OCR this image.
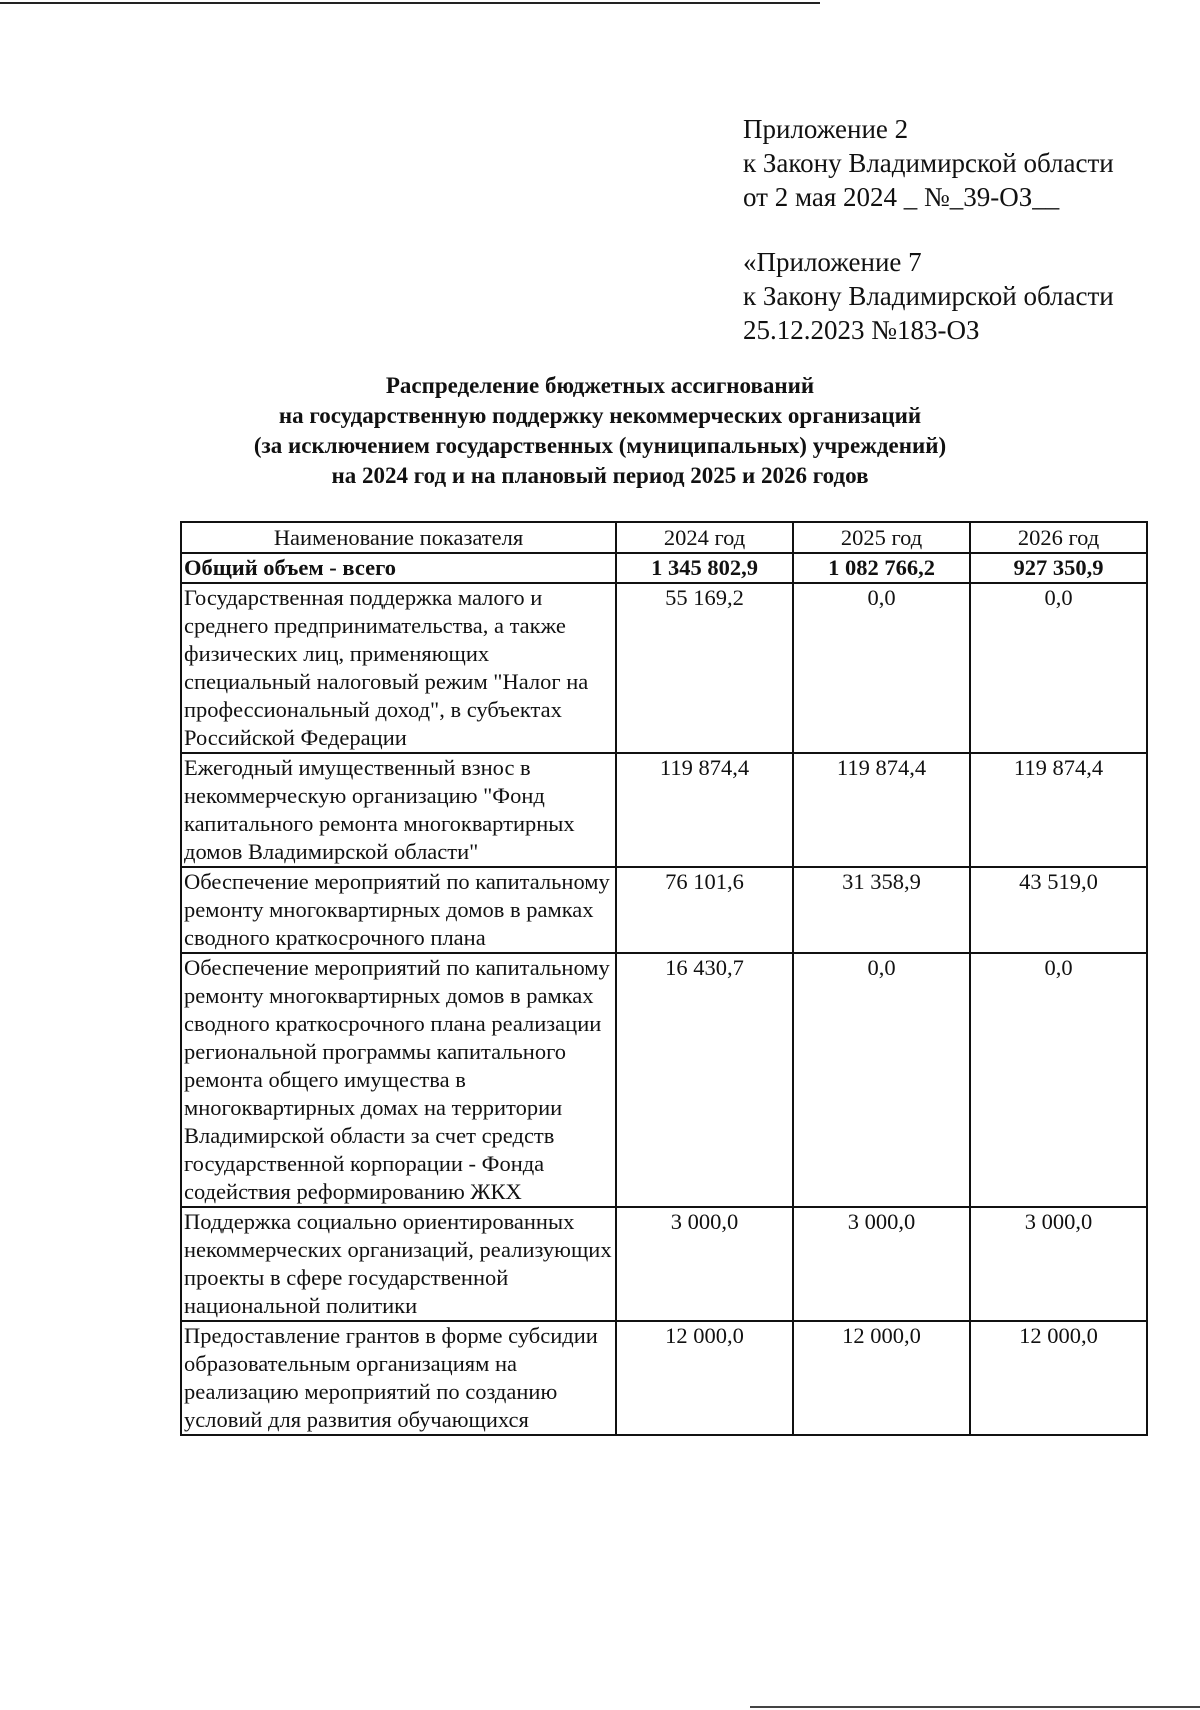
Приложение 2
к Закону Владимирской области
от 2 мая 2024 _ №_39-ОЗ__
«Приложение 7
к Закону Владимирской области
25.12.2023 №183-ОЗ
Распределение бюджетных ассигнований
на государственную поддержку некоммерческих организаций
(за исключением государственных (муниципальных) учреждений)
на 2024 год и на плановый период 2025 и 2026 годов
Наименование показателя	2024 год	2025 год	2026 год
Общий объем - всего	1 345 802,9	1 082 766,2	927 350,9
Государственная поддержка малого и среднего предпринимательства, а также физических лиц, применяющих специальный налоговый режим "Налог на профессиональный доход", в субъектах Российской Федерации	55 169,2	0,0	0,0
Ежегодный имущественный взнос в некоммерческую организацию "Фонд капитального ремонта многоквартирных домов Владимирской области"	119 874,4	119 874,4	119 874,4
Обеспечение мероприятий по капитальному ремонту многоквартирных домов в рамках сводного краткосрочного плана	76 101,6	31 358,9	43 519,0
Обеспечение мероприятий по капитальному ремонту многоквартирных домов в рамках сводного краткосрочного плана реализации региональной программы капитального ремонта общего имущества в многоквартирных домах на территории Владимирской области за счет средств государственной корпорации - Фонда содействия реформированию ЖКХ	16 430,7	0,0	0,0
Поддержка социально ориентированных некоммерческих организаций, реализующих проекты в сфере государственной национальной политики	3 000,0	3 000,0	3 000,0
Предоставление грантов в форме субсидии образовательным организациям на реализацию мероприятий по созданию условий для развития обучающихся	12 000,0	12 000,0	12 000,0
